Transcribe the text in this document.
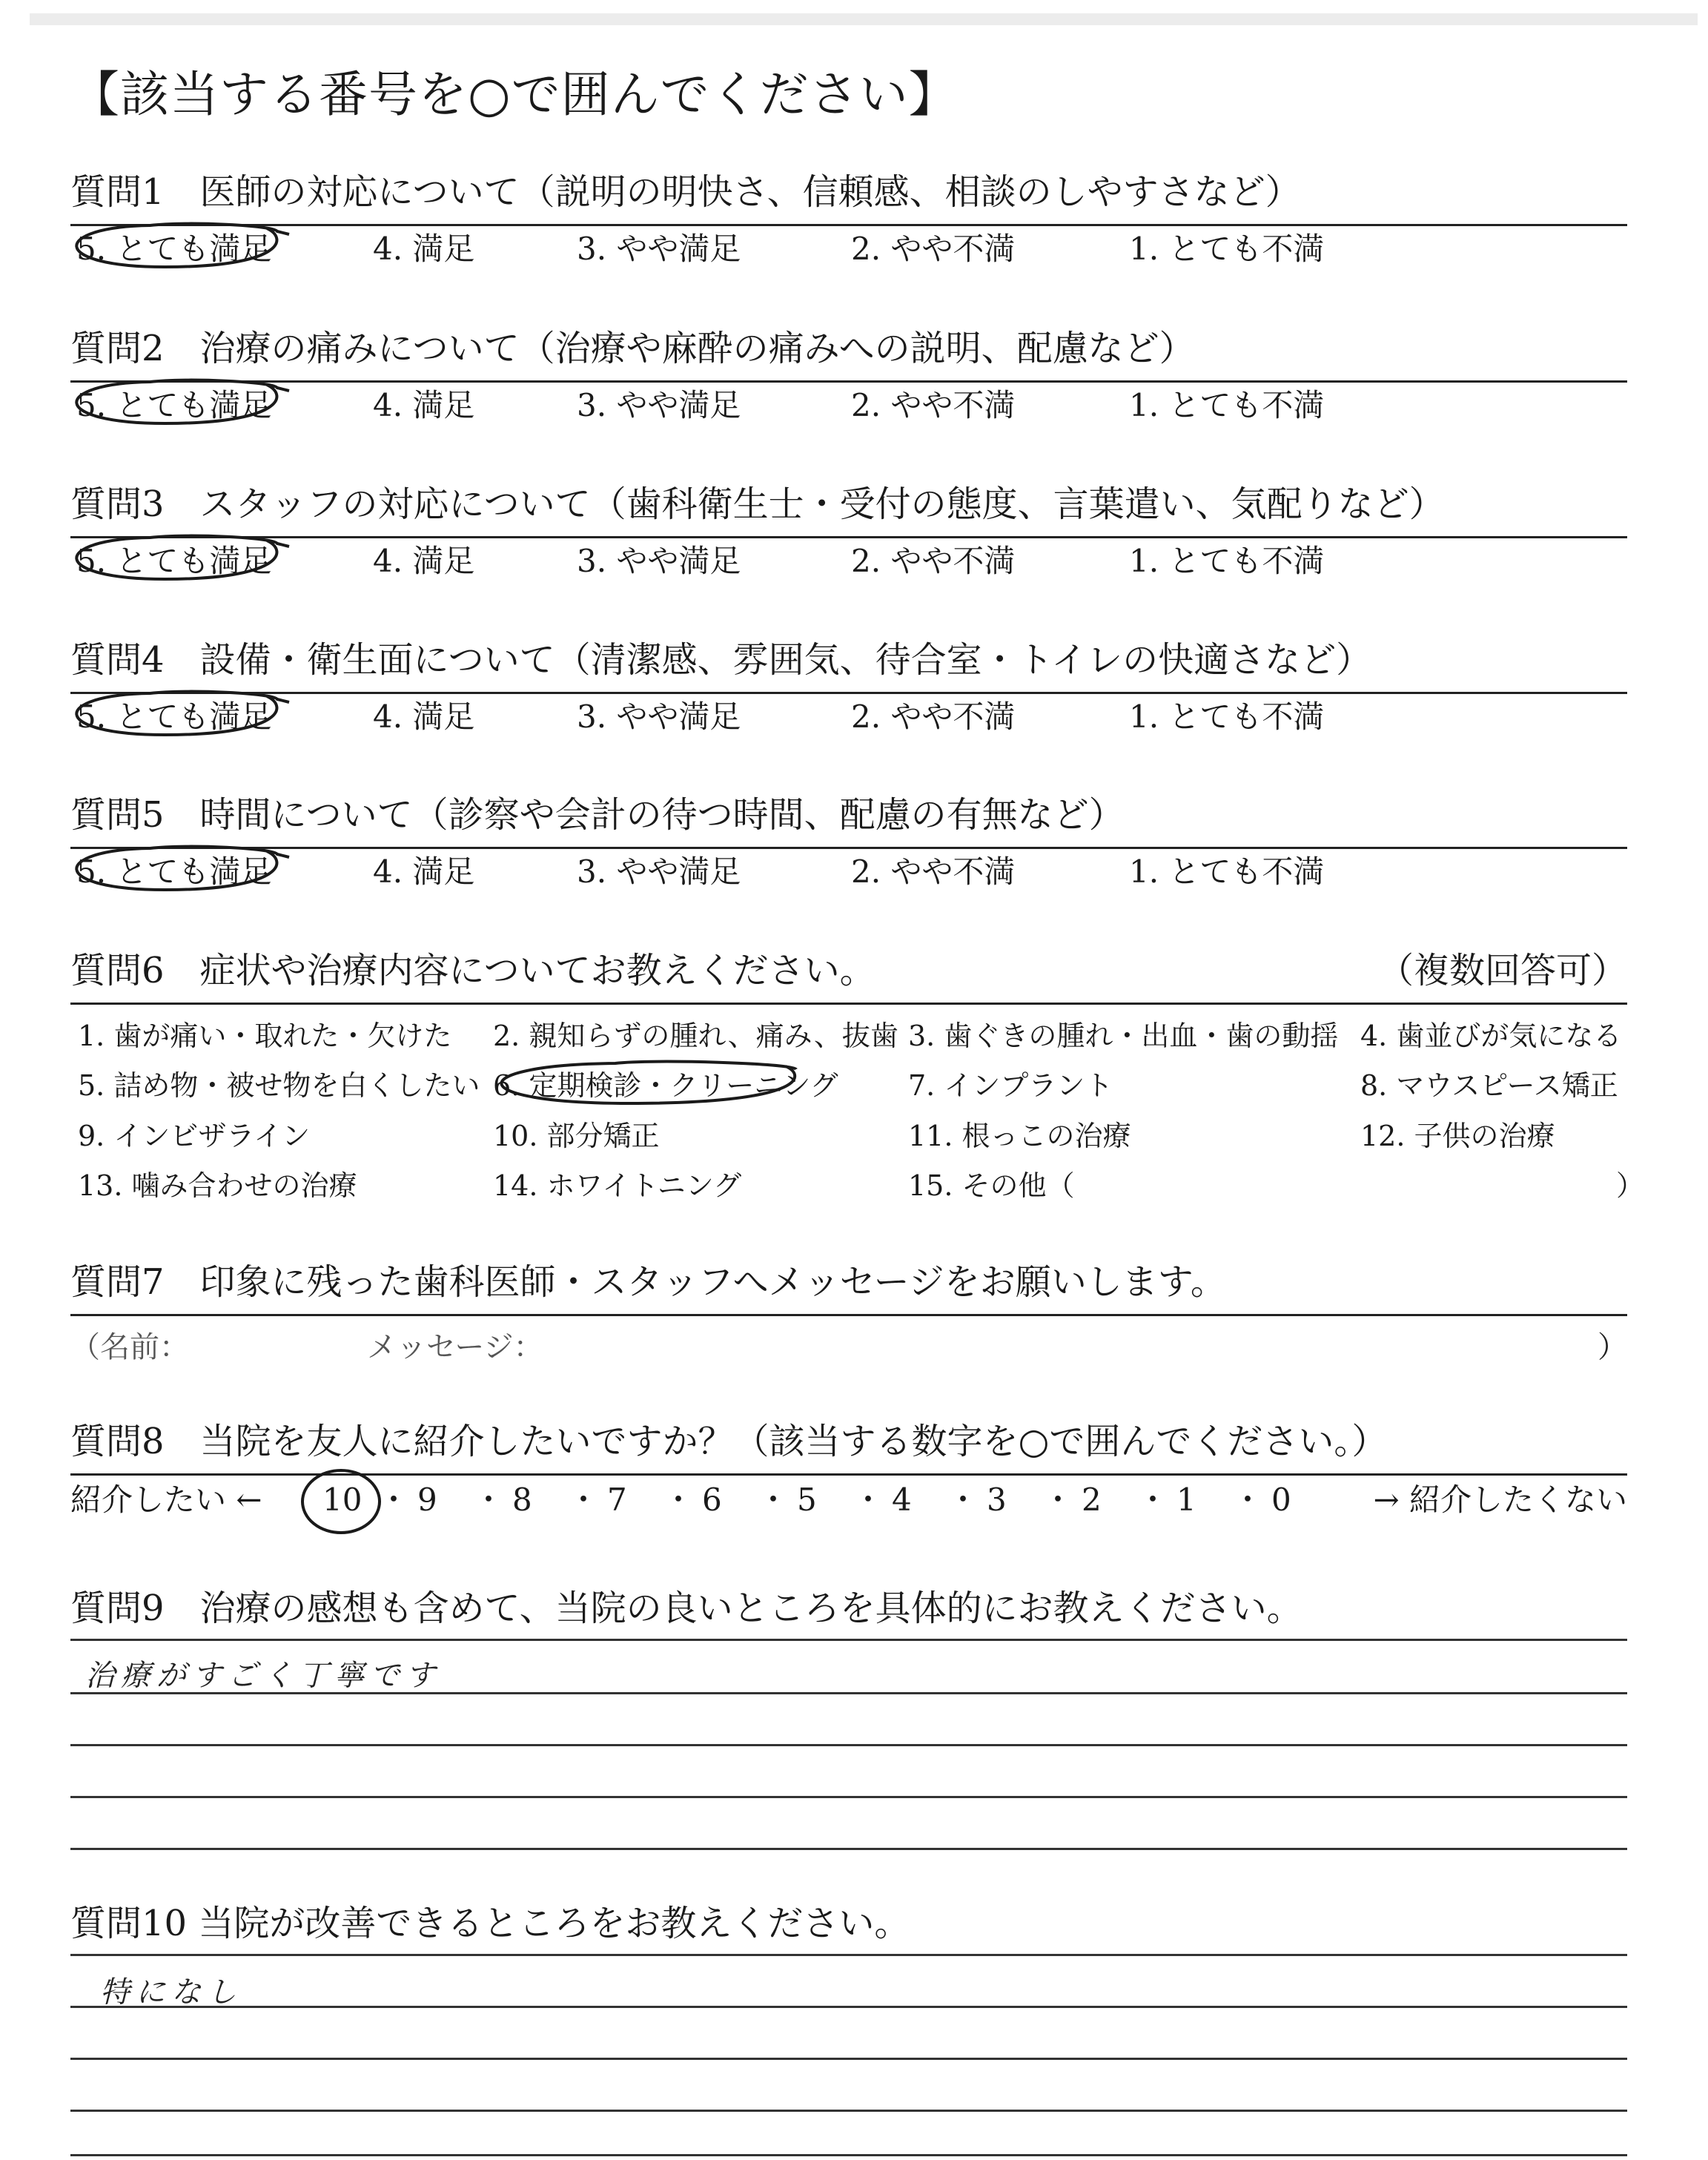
【該当する番号を○で囲んでください】
質問1　医師の対応について（説明の明快さ、信頼感、相談のしやすさなど）
5. とても満足	4. 満足	3. やや満足	2. やや不満	1. とても不満
質問2　治療の痛みについて（治療や麻酔の痛みへの説明、配慮など）
5. とても満足	4. 満足	3. やや満足	2. やや不満	1. とても不満
質問3　スタッフの対応について（歯科衛生士・受付の態度、言葉遣い、気配りなど）
5. とても満足	4. 満足	3. やや満足	2. やや不満	1. とても不満
質問4　設備・衛生面について（清潔感、雰囲気、待合室・トイレの快適さなど）
5. とても満足	4. 満足	3. やや満足	2. やや不満	1. とても不満
質問5　時間について（診察や会計の待つ時間、配慮の有無など）
5. とても満足	4. 満足	3. やや満足	2. やや不満	1. とても不満
質問6　症状や治療内容についてお教えください。	（複数回答可）
1. 歯が痛い・取れた・欠けた 2. 親知らずの腫れ、痛み、抜歯 3. 歯ぐきの腫れ・出血・歯の動揺 4. 歯並びが気になる
5. 詰め物・被せ物を白くしたい 6. 定期検診・クリーニング 7. インプラント	8. マウスピース矯正
9. インビザライン	10. 部分矯正	11. 根っこの治療	12. 子供の治療
13. 噛み合わせの治療	14. ホワイトニング	15. その他（	）
質問7　印象に残った歯科医師・スタッフへメッセージをお願いします。
（名前：	メッセージ：	）
質問8　当院を友人に紹介したいですか？（該当する数字を○で囲んでください。）
紹介したい ←	→ 紹介したくない
10 ・ 9 ・ 8 ・ 7 ・ 6 ・ 5 ・ 4 ・ 3 ・ 2 ・ 1 ・ 0
質問9　治療の感想も含めて、当院の良いところを具体的にお教えください。
治療がすごく丁寧です
質問10 当院が改善できるところをお教えください。
特になし
